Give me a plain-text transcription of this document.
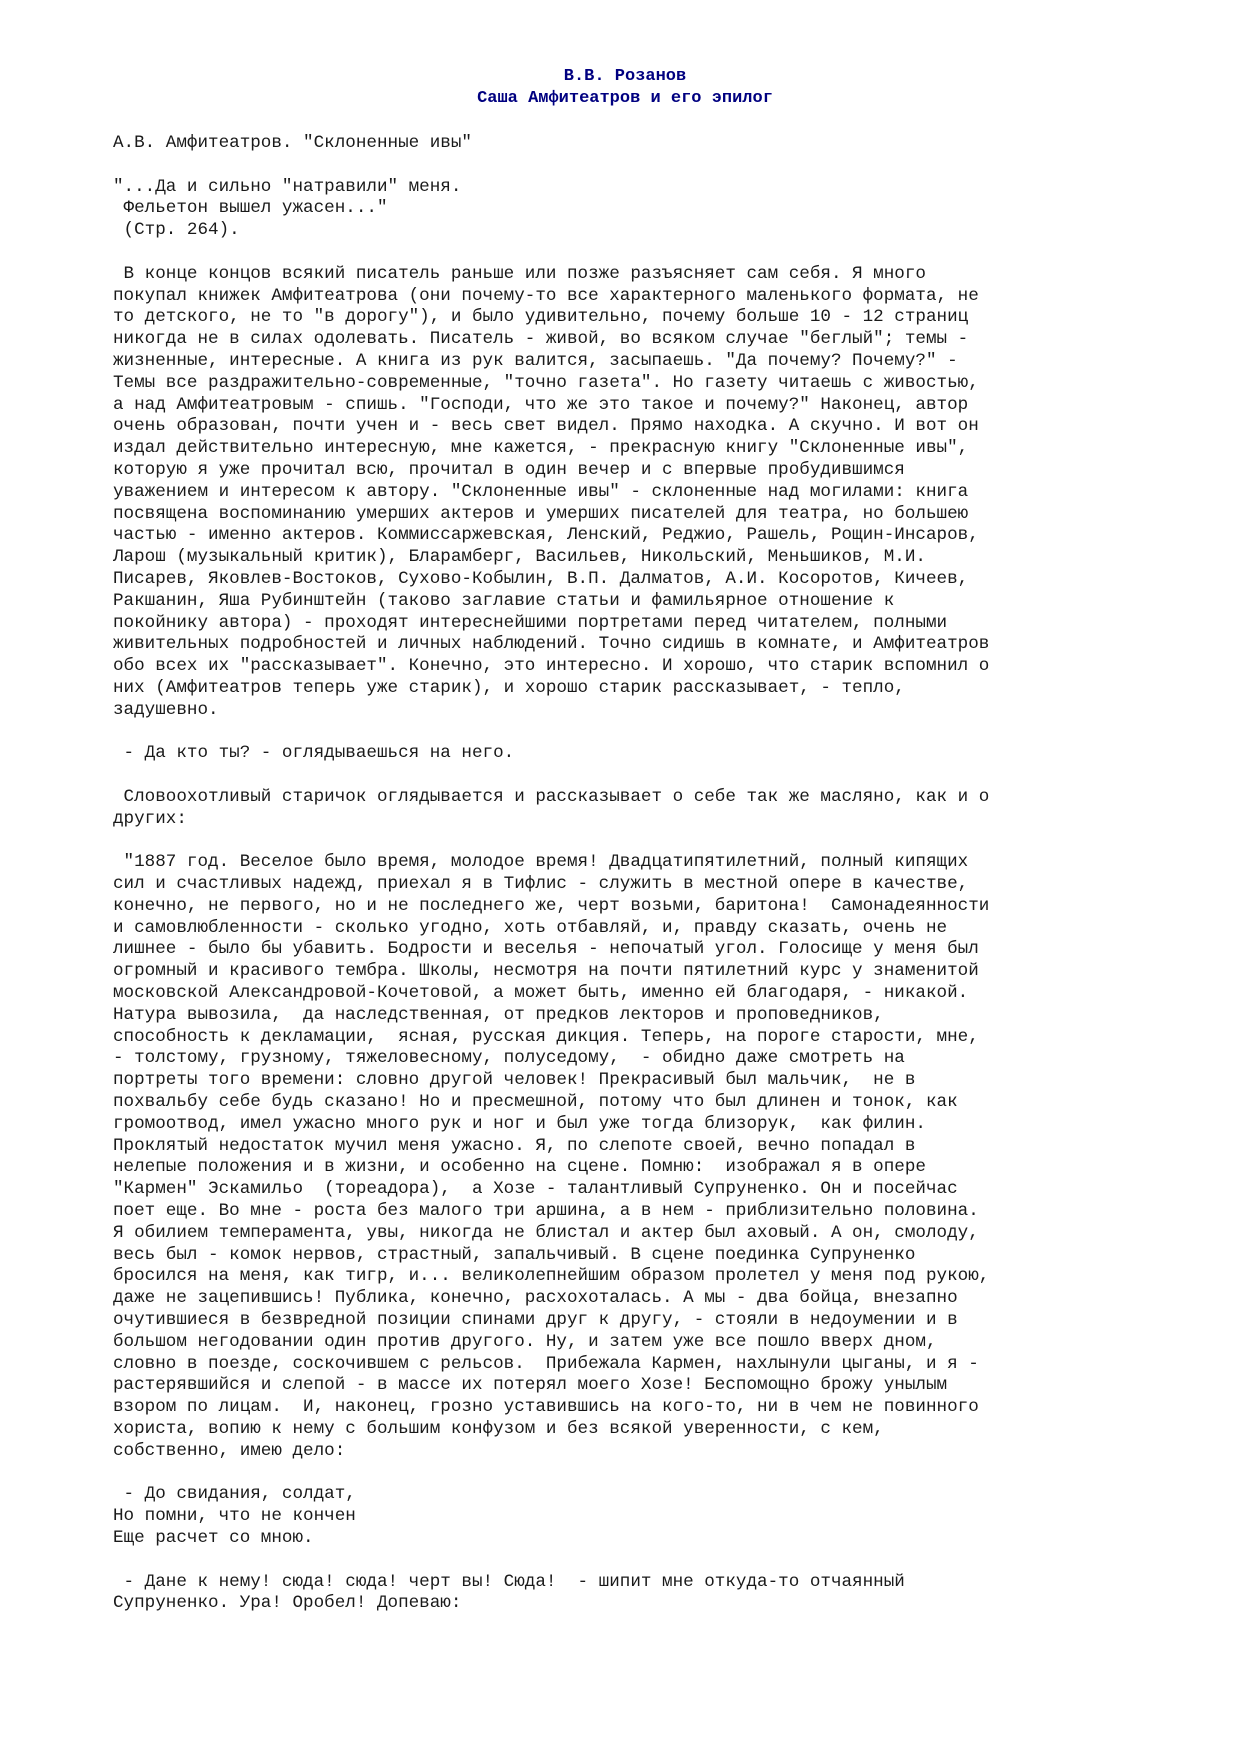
В.В. Розанов
Саша Амфитеатров и его эпилог
А.В. Амфитеатров. "Склоненные ивы"
"...Да и сильно "натравили" меня.
Фельетон вышел ужасен..."
(Стр. 264).
В конце концов всякий писатель раньше или позже разъясняет сам себя. Я много
покупал книжек Амфитеатрова (они почему-то все характерного маленького формата, не
то детского, не то "в дорогу"), и было удивительно, почему больше 10 - 12 страниц
никогда не в силах одолевать. Писатель - живой, во всяком случае "беглый"; темы -
жизненные, интересные. А книга из рук валится, засыпаешь. "Да почему? Почему?" -
Темы все раздражительно-современные, "точно газета". Но газету читаешь с живостью,
а над Амфитеатровым - спишь. "Господи, что же это такое и почему?" Наконец, автор
очень образован, почти учен и - весь свет видел. Прямо находка. А скучно. И вот он
издал действительно интересную, мне кажется, - прекрасную книгу "Склоненные ивы",
которую я уже прочитал всю, прочитал в один вечер и с впервые пробудившимся
уважением и интересом к автору. "Склоненные ивы" - склоненные над могилами: книга
посвящена воспоминанию умерших актеров и умерших писателей для театра, но большею
частью - именно актеров. Коммиссаржевская, Ленский, Реджио, Рашель, Рощин-Инсаров,
Ларош (музыкальный критик), Бларамберг, Васильев, Никольский, Меньшиков, М.И.
Писарев, Яковлев-Востоков, Сухово-Кобылин, В.П. Далматов, А.И. Косоротов, Кичеев,
Ракшанин, Яша Рубинштейн (таково заглавие статьи и фамильярное отношение к
покойнику автора) - проходят интереснейшими портретами перед читателем, полными
живительных подробностей и личных наблюдений. Точно сидишь в комнате, и Амфитеатров
обо всех их "рассказывает". Конечно, это интересно. И хорошо, что старик вспомнил о
них (Амфитеатров теперь уже старик), и хорошо старик рассказывает, - тепло,
задушевно.
- Да кто ты? - оглядываешься на него.
Словоохотливый старичок оглядывается и рассказывает о себе так же масляно, как и о
других:
"1887 год. Веселое было время, молодое время! Двадцатипятилетний, полный кипящих
сил и счастливых надежд, приехал я в Тифлис - служить в местной опере в качестве,
конечно, не первого, но и не последнего же, черт возьми, баритона!  Самонадеянности
и самовлюбленности - сколько угодно, хоть отбавляй, и, правду сказать, очень не
лишнее - было бы убавить. Бодрости и веселья - непочатый угол. Голосище у меня был
огромный и красивого тембра. Школы, несмотря на почти пятилетний курс у знаменитой
московской Александровой-Кочетовой, а может быть, именно ей благодаря, - никакой.
Натура вывозила,  да наследственная, от предков лекторов и проповедников,
способность к декламации,  ясная, русская дикция. Теперь, на пороге старости, мне,
- толстому, грузному, тяжеловесному, полуседому,  - обидно даже смотреть на
портреты того времени: словно другой человек! Прекрасивый был мальчик,  не в
похвальбу себе будь сказано! Но и пресмешной, потому что был длинен и тонок, как
громоотвод, имел ужасно много рук и ног и был уже тогда близорук,  как филин.
Проклятый недостаток мучил меня ужасно. Я, по слепоте своей, вечно попадал в
нелепые положения и в жизни, и особенно на сцене. Помню:  изображал я в опере
"Кармен" Эскамильо  (тореадора),  а Хозе - талантливый Супруненко. Он и посейчас
поет еще. Во мне - роста без малого три аршина, а в нем - приблизительно половина.
Я обилием темперамента, увы, никогда не блистал и актер был аховый. А он, смолоду,
весь был - комок нервов, страстный, запальчивый. В сцене поединка Супруненко
бросился на меня, как тигр, и... великолепнейшим образом пролетел у меня под рукою,
даже не зацепившись! Публика, конечно, расхохоталась. А мы - два бойца, внезапно
очутившиеся в безвредной позиции спинами друг к другу, - стояли в недоумении и в
большом негодовании один против другого. Ну, и затем уже все пошло вверх дном,
словно в поезде, соскочившем с рельсов.  Прибежала Кармен, нахлынули цыганы, и я -
растерявшийся и слепой - в массе их потерял моего Хозе! Беспомощно брожу унылым
взором по лицам.  И, наконец, грозно уставившись на кого-то, ни в чем не повинного
хориста, вопию к нему с большим конфузом и без всякой уверенности, с кем,
собственно, имею дело:
- До свидания, солдат,
Но помни, что не кончен
Еще расчет со мною.
- Дане к нему! сюда! сюда! черт вы! Сюда!  - шипит мне откуда-то отчаянный
Супруненко. Ура! Оробел! Допеваю:
